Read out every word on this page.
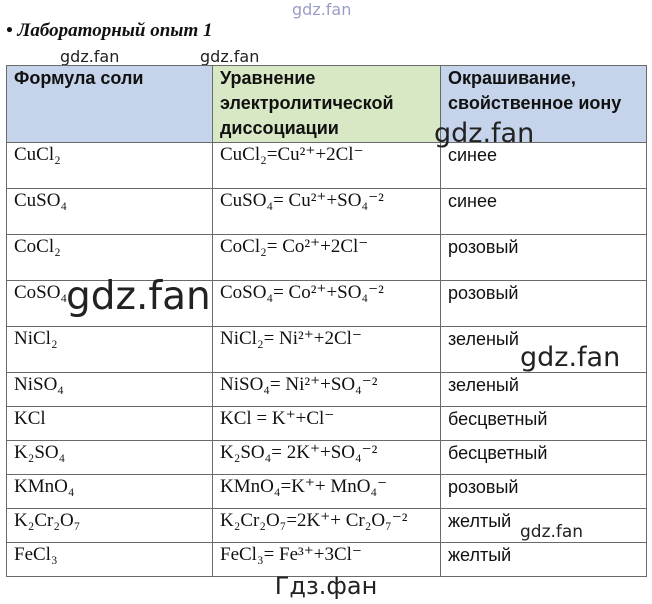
gdz.fan
• Лабораторный опыт 1
gdz.fan	gdz.fan
Формула соли	Уравнение электролитической диссоциации	Окрашивание, свойственное иону
CuCl₂	CuCl₂=Cu²⁺+2Cl⁻	синее
CuSO₄	CuSO₄= Cu²⁺+SO₄⁻²	синее
CoCl₂	CoCl₂= Co²⁺+2Cl⁻	розовый
CoSO₄	CoSO₄= Co²⁺+SO₄⁻²	розовый
NiCl₂	NiCl₂= Ni²⁺+2Cl⁻	зеленый
NiSO₄	NiSO₄= Ni²⁺+SO₄⁻²	зеленый
KCl	KCl = K⁺+Cl⁻	бесцветный
K₂SO₄	K₂SO₄= 2K⁺+SO₄⁻²	бесцветный
KMnO₄	KMnO₄=K⁺+ MnO₄⁻	розовый
K₂Cr₂O₇	K₂Cr₂O₇=2K⁺+ Cr₂O₇⁻²	желтый
FeCl₃	FeCl₃= Fe³⁺+3Cl⁻	желтый
gdz.fan
gdz.fan
gdz.fan
gdz.fan
Гдз.фан
